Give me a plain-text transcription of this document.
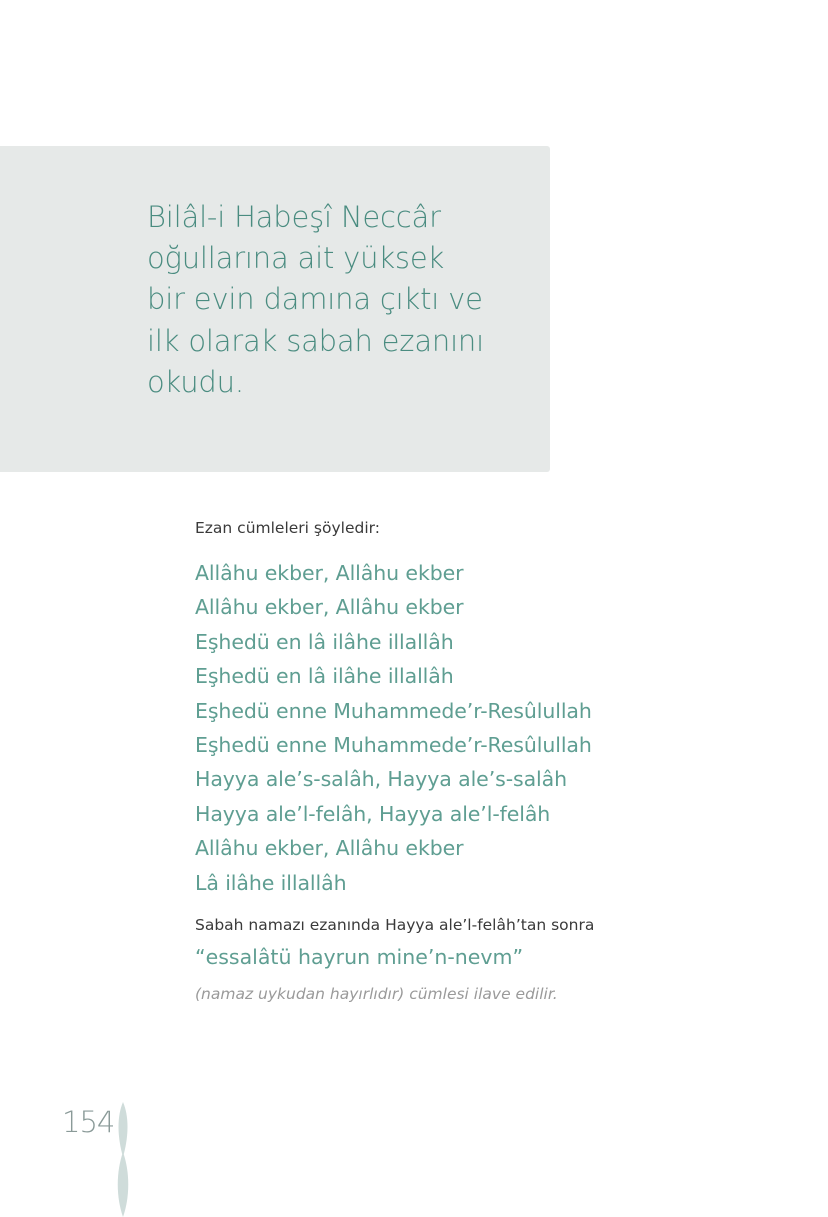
Bilâl-i Habeşî Neccâr
oğullarına ait yüksek
bir evin damına çıktı ve
ilk olarak sabah ezanını
okudu.

Ezan cümleleri şöyledir:

Allâhu ekber, Allâhu ekber
Allâhu ekber, Allâhu ekber
Eşhedü en lâ ilâhe illallâh
Eşhedü en lâ ilâhe illallâh
Eşhedü enne Muhammede’r-Resûlullah
Eşhedü enne Muhammede’r-Resûlullah
Hayya ale’s-salâh, Hayya ale’s-salâh
Hayya ale’l-felâh, Hayya ale’l-felâh
Allâhu ekber, Allâhu ekber
Lâ ilâhe illallâh

Sabah namazı ezanında Hayya ale’l-felâh’tan sonra

“essalâtü hayrun mine’n-nevm”

(namaz uykudan hayırlıdır) cümlesi ilave edilir.

154
